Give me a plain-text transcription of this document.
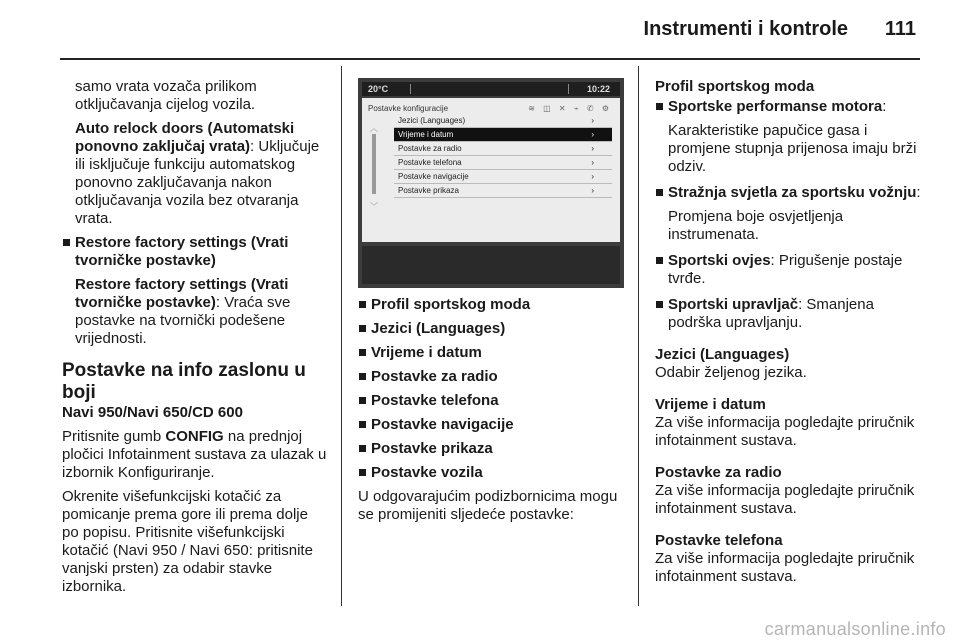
Instrumenti i kontrole 111
samo vrata vozača prilikom otključavanja cijelog vozila.
Auto relock doors (Automatski ponovno zaključaj vrata): Uključuje ili isključuje funkciju automatskog ponovno zaključavanja nakon otključavanja vozila bez otvaranja vrata.
Restore factory settings (Vrati tvorničke postavke)
Restore factory settings (Vrati tvorničke postavke): Vraća sve postavke na tvornički podešene vrijednosti.
Postavke na info zaslonu u boji
Navi 950/Navi 650/CD 600
Pritisnite gumb CONFIG na prednjoj pločici Infotainment sustava za ulazak u izbornik Konfiguriranje.
Okrenite višefunkcijski kotačić za pomicanje prema gore ili prema dolje po popisu. Pritisnite višefunkcijski kotačić (Navi 950 / Navi 650: pritisnite vanjski prsten) za odabir stavke izbornika.
20°C	10:22
Postavke konfiguracije	≋ ◫ ✕ ⌁ ✆ ⚙
︿
﹀
Jezici (Languages)	›
Vrijeme i datum	›
Postavke za radio	›
Postavke telefona	›
Postavke navigacije	›
Postavke prikaza	›
Profil sportskog moda
Jezici (Languages)
Vrijeme i datum
Postavke za radio
Postavke telefona
Postavke navigacije
Postavke prikaza
Postavke vozila
U odgovarajućim podizbornicima mogu se promijeniti sljedeće postavke:
Profil sportskog moda
Sportske performanse motora:
Karakteristike papučice gasa i promjene stupnja prijenosa imaju brži odziv.
Stražnja svjetla za sportsku vožnju:
Promjena boje osvjetljenja instrumenata.
Sportski ovjes: Prigušenje postaje tvrđe.
Sportski upravljač: Smanjena podrška upravljanju.
Jezici (Languages)
Odabir željenog jezika.
Vrijeme i datum
Za više informacija pogledajte priručnik infotainment sustava.
Postavke za radio
Za više informacija pogledajte priručnik infotainment sustava.
Postavke telefona
Za više informacija pogledajte priručnik infotainment sustava.
carmanualsonline.info
